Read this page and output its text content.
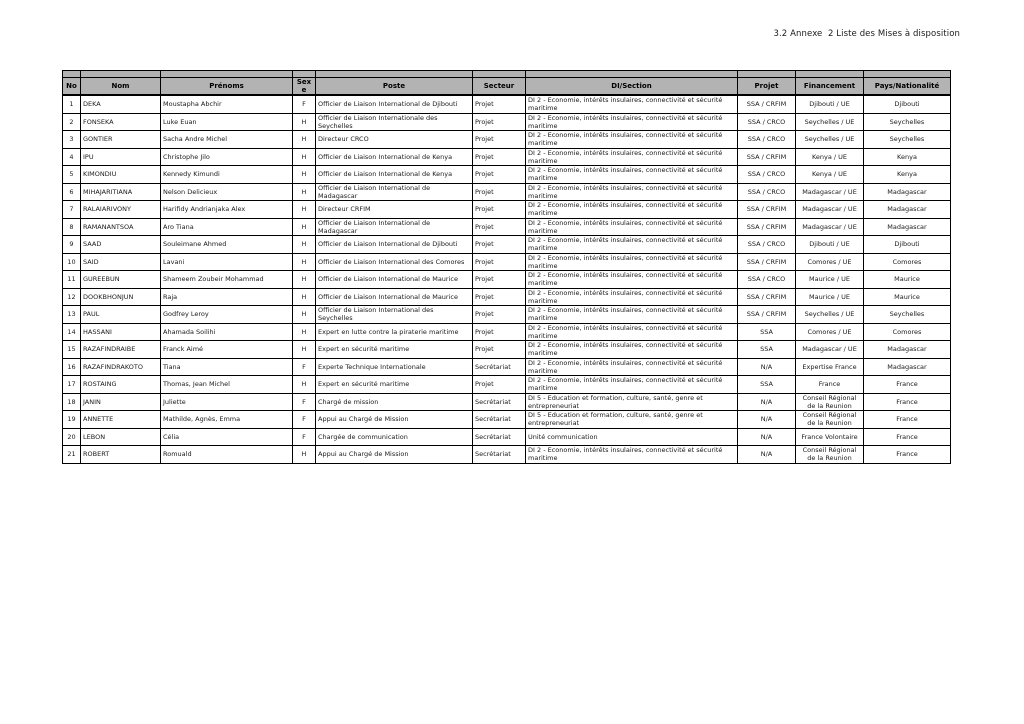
3.2 Annexe  2 Liste des Mises à disposition

No	Nom	Prénoms	Sexe	Poste	Secteur	DI/Section	Projet	Financement	Pays/Nationalité
1	DEKA	Moustapha Abchir	F	Officier de Liaison International de Djibouti	Projet	DI 2 - Economie, intérêts insulaires, connectivité et sécurité maritime	SSA / CRFIM	Djibouti / UE	Djibouti
2	FONSEKA	Luke Euan	H	Officier de Liaison Internationale des Seychelles	Projet	DI 2 - Economie, intérêts insulaires, connectivité et sécurité maritime	SSA / CRCO	Seychelles / UE	Seychelles
3	GONTIER	Sacha Andre Michel	H	Directeur CRCO	Projet	DI 2 - Economie, intérêts insulaires, connectivité et sécurité maritime	SSA / CRCO	Seychelles / UE	Seychelles
4	IPU	Christophe Jilo	H	Officier de Liaison International de Kenya	Projet	DI 2 - Economie, intérêts insulaires, connectivité et sécurité maritime	SSA / CRFIM	Kenya / UE	Kenya
5	KIMONDIU	Kennedy Kimundi	H	Officier de Liaison International de Kenya	Projet	DI 2 - Economie, intérêts insulaires, connectivité et sécurité maritime	SSA / CRCO	Kenya / UE	Kenya
6	MIHAJARITIANA	Nelson Delicieux	H	Officier de Liaison International de Madagascar	Projet	DI 2 - Economie, intérêts insulaires, connectivité et sécurité maritime	SSA / CRCO	Madagascar / UE	Madagascar
7	RALAIARIVONY	Harifidy Andrianjaka Alex	H	Directeur CRFIM	Projet	DI 2 - Economie, intérêts insulaires, connectivité et sécurité maritime	SSA / CRFIM	Madagascar / UE	Madagascar
8	RAMANANTSOA	Aro Tiana	H	Officier de Liaison International de Madagascar	Projet	DI 2 - Economie, intérêts insulaires, connectivité et sécurité maritime	SSA / CRFIM	Madagascar / UE	Madagascar
9	SAAD	Souleimane Ahmed	H	Officier de Liaison International de Djibouti	Projet	DI 2 - Economie, intérêts insulaires, connectivité et sécurité maritime	SSA / CRCO	Djibouti / UE	Djibouti
10	SAID	Lavani	H	Officier de Liaison International des Comores	Projet	DI 2 - Economie, intérêts insulaires, connectivité et sécurité maritime	SSA / CRFIM	Comores / UE	Comores
11	GUREEBUN	Shameem Zoubeir Mohammad	H	Officier de Liaison International de Maurice	Projet	DI 2 - Economie, intérêts insulaires, connectivité et sécurité maritime	SSA / CRCO	Maurice / UE	Maurice
12	DOOKBHONJUN	Raja	H	Officier de Liaison International de Maurice	Projet	DI 2 - Economie, intérêts insulaires, connectivité et sécurité maritime	SSA / CRFIM	Maurice / UE	Maurice
13	PAUL	Godfrey Leroy	H	Officier de Liaison International des Seychelles	Projet	DI 2 - Economie, intérêts insulaires, connectivité et sécurité maritime	SSA / CRFIM	Seychelles / UE	Seychelles
14	HASSANI	Ahamada Soilihi	H	Expert en lutte contre la piraterie maritime	Projet	DI 2 - Economie, intérêts insulaires, connectivité et sécurité maritime	SSA	Comores / UE	Comores
15	RAZAFINDRAIBE	Franck Aimé	H	Expert en sécurité maritime	Projet	DI 2 - Economie, intérêts insulaires, connectivité et sécurité maritime	SSA	Madagascar / UE	Madagascar
16	RAZAFINDRAKOTO	Tiana	F	Experte Technique Internationale	Secrétariat	DI 2 - Economie, intérêts insulaires, connectivité et sécurité maritime	N/A	Expertise France	Madagascar
17	ROSTAING	Thomas, Jean Michel	H	Expert en sécurité maritime	Projet	DI 2 - Economie, intérêts insulaires, connectivité et sécurité maritime	SSA	France	France
18	JANIN	Juliette	F	Chargé de mission	Secrétariat	DI 5 - Education et formation, culture, santé, genre et entrepreneuriat	N/A	Conseil Régional de la Reunion	France
19	ANNETTE	Mathilde, Agnès, Emma	F	Appui au Chargé de Mission	Secrétariat	DI 5 - Education et formation, culture, santé, genre et entrepreneuriat	N/A	Conseil Régional de la Reunion	France
20	LEBON	Célia	F	Chargée de communication	Secrétariat	Unité communication	N/A	France Volontaire	France
21	ROBERT	Romuald	H	Appui au Chargé de Mission	Secrétariat	DI 2 - Economie, intérêts insulaires, connectivité et sécurité maritime	N/A	Conseil Régional de la Reunion	France
